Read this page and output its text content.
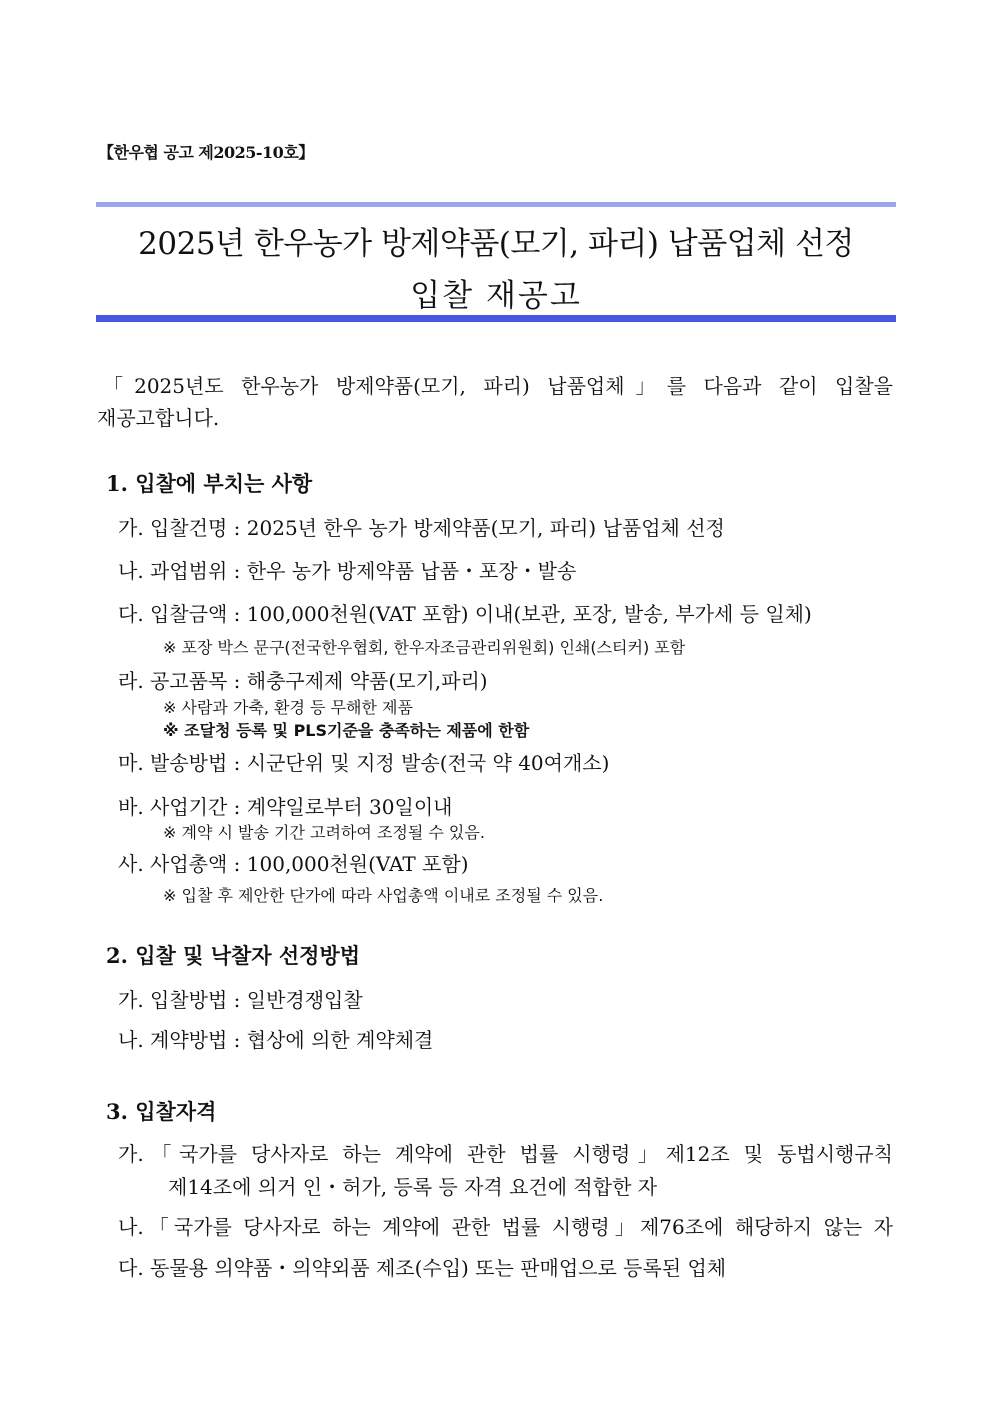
【한우협 공고 제2025-10호】
2025년 한우농가 방제약품(모기, 파리) 납품업체 선정
입찰 재공고
「2025년도 한우농가 방제약품(모기, 파리) 납품업체」를 다음과 같이 입찰을
재공고합니다.
1. 입찰에 부치는 사항
가. 입찰건명 : 2025년 한우 농가 방제약품(모기, 파리) 납품업체 선정
나. 과업범위 : 한우 농가 방제약품 납품・포장・발송
다. 입찰금액 : 100,000천원(VAT 포함) 이내(보관, 포장, 발송, 부가세 등 일체)
※ 포장 박스 문구(전국한우협회, 한우자조금관리위원회) 인쇄(스티커) 포함
라. 공고품목 : 해충구제제 약품(모기,파리)
※ 사람과 가축, 환경 등 무해한 제품
※ 조달청 등록 및 PLS기준을 충족하는 제품에 한함
마. 발송방법 : 시군단위 및 지정 발송(전국 약 40여개소)
바. 사업기간 : 계약일로부터 30일이내
※ 계약 시 발송 기간 고려하여 조정될 수 있음.
사. 사업총액 : 100,000천원(VAT 포함)
※ 입찰 후 제안한 단가에 따라 사업총액 이내로 조정될 수 있음.
2. 입찰 및 낙찰자 선정방법
가. 입찰방법 : 일반경쟁입찰
나. 계약방법 : 협상에 의한 계약체결
3. 입찰자격
가.「국가를 당사자로 하는 계약에 관한 법률 시행령」제12조 및 동법시행규칙
제14조에 의거 인・허가, 등록 등 자격 요건에 적합한 자
나.「국가를 당사자로 하는 계약에 관한 법률 시행령」제76조에 해당하지 않는 자
다. 동물용 의약품・의약외품 제조(수입) 또는 판매업으로 등록된 업체
